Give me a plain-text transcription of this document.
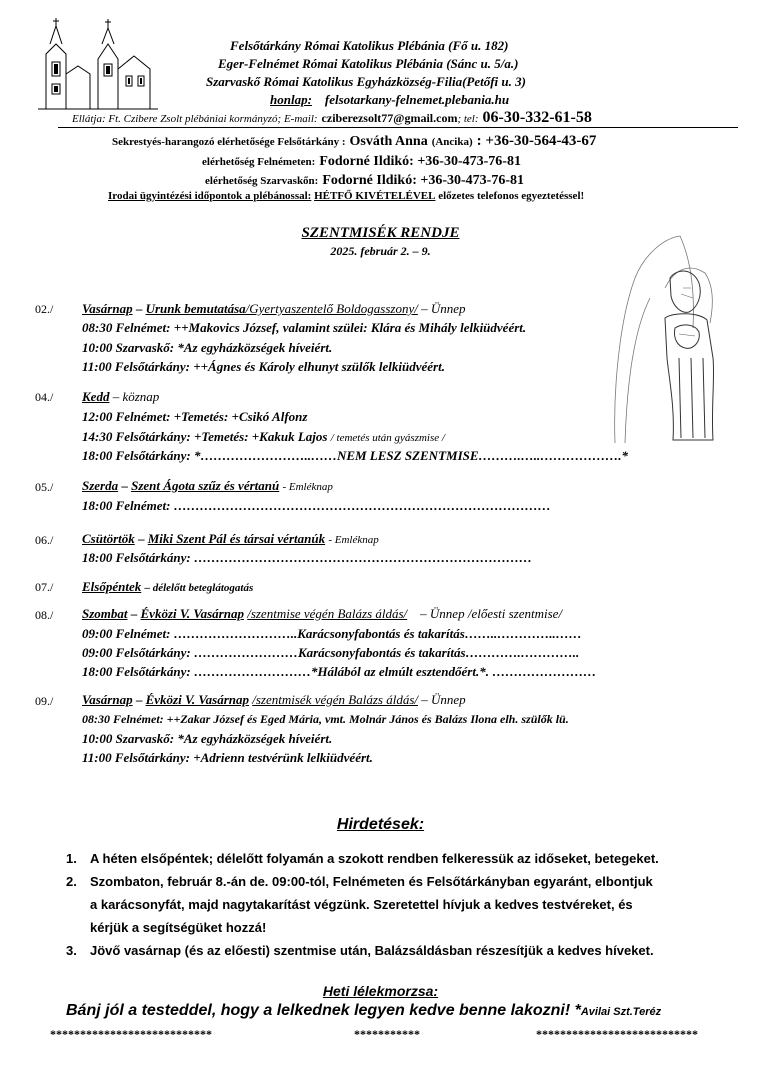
Felsőtárkány Római Katolikus Plébánia (Fő u. 182)
Eger-Felnémet Római Katolikus Plébánia (Sánc u. 5/a.)
Szarvaskő Római Katolikus Egyházközség-Filia(Petőfi u. 3)
honlap: felsotarkany-felnemet.plebania.hu
Ellátja: Ft. Czibere Zsolt plébániai kormányzó; E-mail: cziberezsolt77@gmail.com; tel: 06-30-332-61-58
Sekrestyés-harangozó elérhetősége Felsőtárkány : Osváth Anna (Ancika) : +36-30-564-43-67
elérhetőség Felnémeten: Fodorné Ildikó: +36-30-473-76-81
elérhetőség Szarvaskőn: Fodorné Ildikó: +36-30-473-76-81
Irodai ügyintézési időpontok a plébánossal: HÉTFŐ KIVÉTELÉVEL előzetes telefonos egyeztetéssel!
SZENTMISÉK RENDJE
2025. február 2. – 9.
02./ Vasárnap – Urunk bemutatása/Gyertyaszentelő Boldogasszony/ – Ünnep
08:30 Felnémet: ++Makovics József, valamint szülei: Klára és Mihály lelkiüdvéért.
10:00 Szarvaskő: *Az egyházközségek híveiért.
11:00 Felsőtárkány: ++Ágnes és Károly elhunyt szülők lelkiüdvéért.
04./ Kedd – köznap
12:00 Felnémet: +Temetés: +Csikó Alfonz
14:30 Felsőtárkány: +Temetés: +Kakuk Lajos / temetés után gyászmise /
18:00 Felsőtárkány: *……………………..……NEM LESZ SZENTMISE……….…..……………….*
05./ Szerda – Szent Ágota szűz és vértanú - Emléknap
18:00 Felnémet: ……………………………………………………………………………
06./ Csütörtök – Miki Szent Pál és társai vértanúk - Emléknap
18:00 Felsőtárkány: ……………………………………………………………………
07./ Elsőpéntek – délelőtt beteglátogatás
08./ Szombat – Évközi V. Vasárnap /szentmise végén Balázs áldás/ – Ünnep /előesti szentmise/
09:00 Felnémet: ………………………..Karácsonyfabontás és takarítás……..…………..……
09:00 Felsőtárkány: ……………………Karácsonyfabontás és takarítás………….…………..
18:00 Felsőtárkány: ………………………*Hálából az elmúlt esztendőért.*. ……………………
09./ Vasárnap – Évközi V. Vasárnap /szentmisék végén Balázs áldás/ – Ünnep
08:30 Felnémet: ++Zakar József és Eged Mária, vmt. Molnár János és Balázs Ilona elh. szülők lü.
10:00 Szarvaskő: *Az egyházközségek híveiért.
11:00 Felsőtárkány: +Adrienn testvérünk lelkiüdvéért.
Hirdetések:
1. A héten elsőpéntek; délelőtt folyamán a szokott rendben felkeressük az időseket, betegeket.
2. Szombaton, február 8.-án de. 09:00-tól, Felnémeten és Felsőtárkányban egyaránt, elbontjuk
a karácsonyfát, majd nagytakarítást végzünk. Szeretettel hívjuk a kedves testvéreket, és
kérjük a segítségüket hozzá!
3. Jövő vasárnap (és az előesti) szentmise után, Balázsáldásban részesítjük a kedves híveket.
Heti lélekmorzsa:
Bánj jól a testeddel, hogy a lelkednek legyen kedve benne lakozni! *Avilai Szt.Teréz
***************************	***********	***************************
